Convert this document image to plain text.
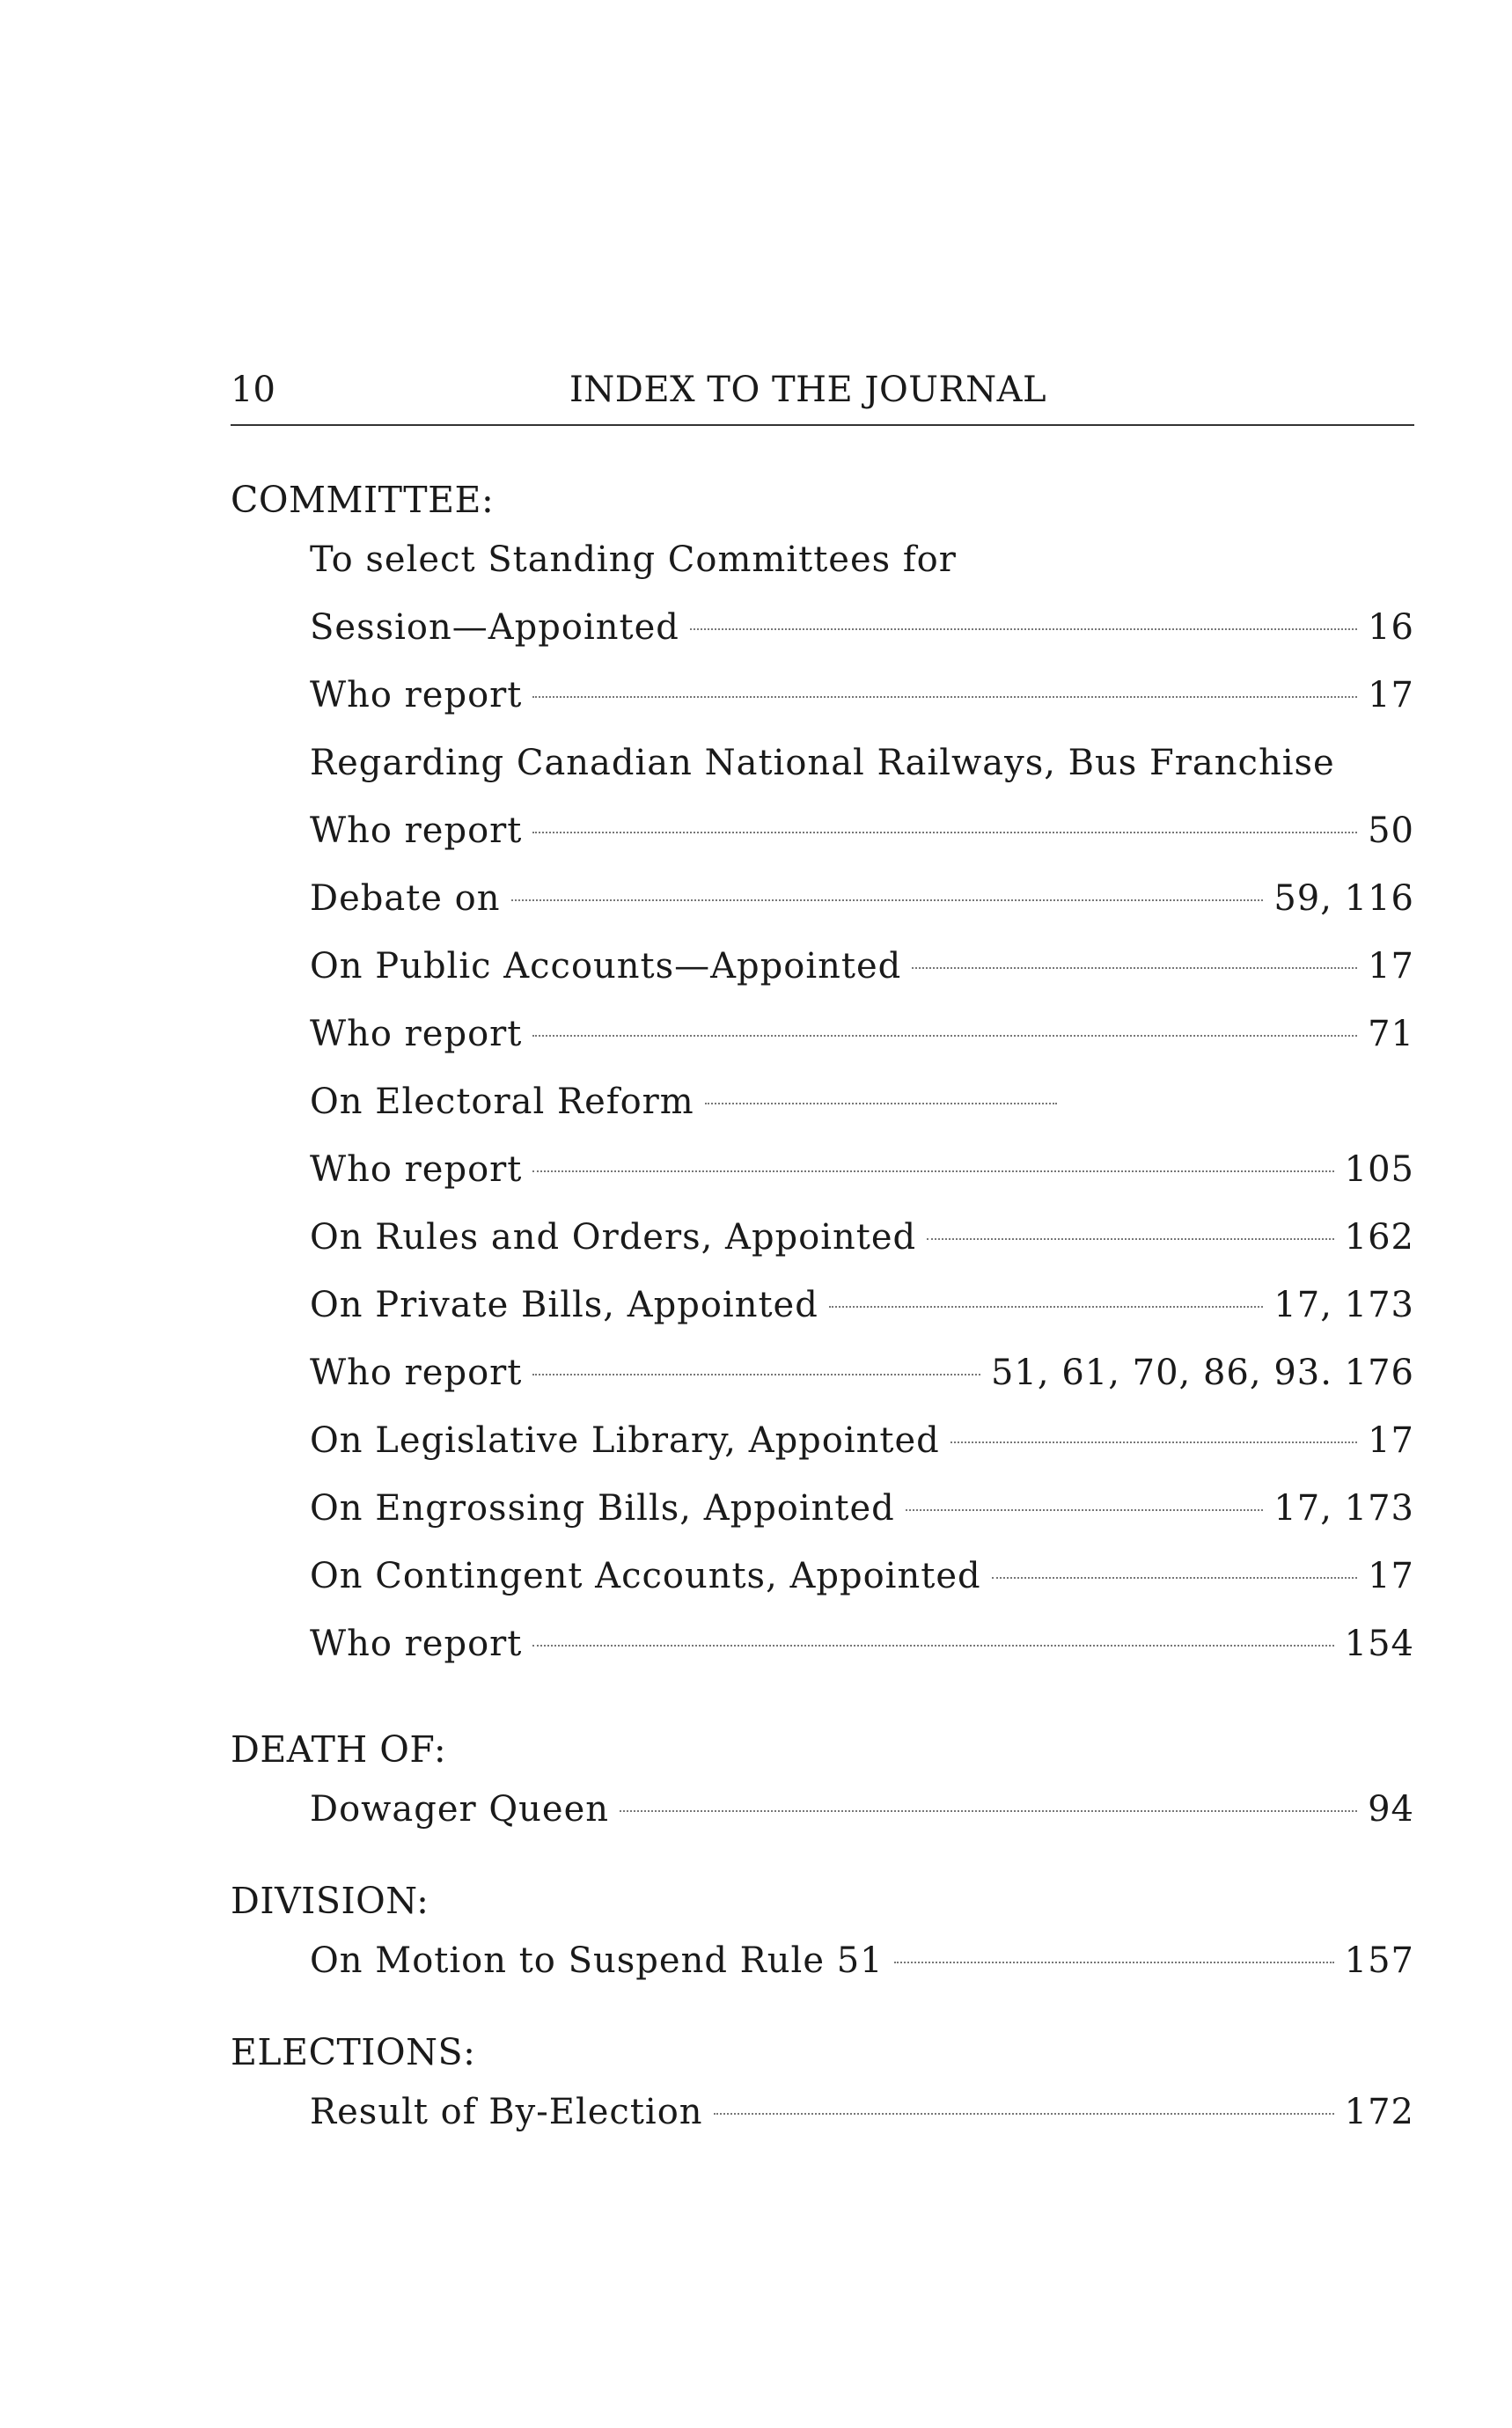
10	INDEX TO THE JOURNAL
COMMITTEE:
To select Standing Committees for
Session—Appointed	16
Who report	17
Regarding Canadian National Railways, Bus Franchise
Who report	50
Debate on	59, 116
On Public Accounts—Appointed	17
Who report	71
On Electoral Reform
Who report	105
On Rules and Orders, Appointed	162
On Private Bills, Appointed	17, 173
Who report	51, 61, 70, 86, 93. 176
On Legislative Library, Appointed	17
On Engrossing Bills, Appointed	17, 173
On Contingent Accounts, Appointed	17
Who report	154
DEATH OF:
Dowager Queen	94
DIVISION:
On Motion to Suspend Rule 51	157
ELECTIONS:
Result of By-Election	172
